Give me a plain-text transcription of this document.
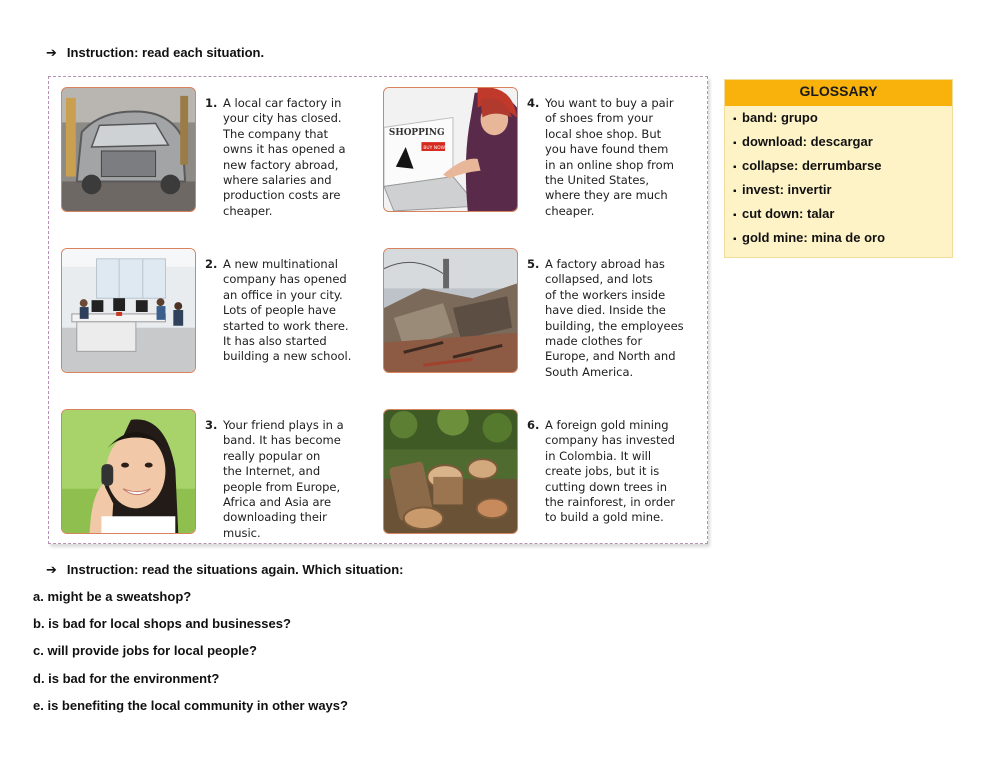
➔ Instruction: read each situation.
1. A local car factory in
your city has closed.
The company that
owns it has opened a
new factory abroad,
where salaries and
production costs are
cheaper.
2. A new multinational
company has opened
an office in your city.
Lots of people have
started to work there.
It has also started
building a new school.
3. Your friend plays in a
band. It has become
really popular on
the Internet, and
people from Europe,
Africa and Asia are
downloading their
music.
SHOPPING
BUY NOW
4. You want to buy a pair
of shoes from your
local shoe shop. But
you have found them
in an online shop from
the United States,
where they are much
cheaper.
5. A factory abroad has
collapsed, and lots
of the workers inside
have died. Inside the
building, the employees
made clothes for
Europe, and North and
South America.
6. A foreign gold mining
company has invested
in Colombia. It will
create jobs, but it is
cutting down trees in
the rainforest, in order
to build a gold mine.
GLOSSARY
▪ band: grupo
▪ download: descargar
▪ collapse: derrumbarse
▪ invest: invertir
▪ cut down: talar
▪ gold mine: mina de oro
➔ Instruction: read the situations again. Which situation:
a. might be a sweatshop?
b. is bad for local shops and businesses?
c. will provide jobs for local people?
d. is bad for the environment?
e. is benefiting the local community in other ways?
